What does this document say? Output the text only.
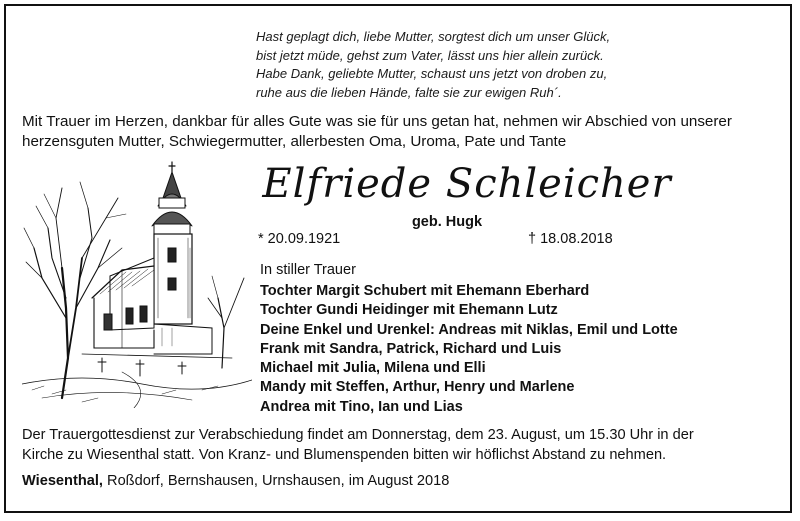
Hast geplagt dich, liebe Mutter, sorgtest dich um unser Glück,
bist jetzt müde, gehst zum Vater, lässt uns hier allein zurück.
Habe Dank, geliebte Mutter, schaust uns jetzt von droben zu,
ruhe aus die lieben Hände, falte sie zur ewigen Ruh´.
Mit Trauer im Herzen, dankbar für alles Gute was sie für uns getan hat, nehmen wir Abschied von unserer
herzensguten Mutter, Schwiegermutter, allerbesten Oma, Uroma, Pate und Tante
Elfriede Schleicher
geb. Hugk
* 20.09.1921	† 18.08.2018
In stiller Trauer
Tochter Margit Schubert mit Ehemann Eberhard
Tochter Gundi Heidinger mit Ehemann Lutz
Deine Enkel und Urenkel: Andreas mit Niklas, Emil und Lotte
Frank mit Sandra, Patrick, Richard und Luis
Michael mit Julia, Milena und Elli
Mandy mit Steffen, Arthur, Henry und Marlene
Andrea mit Tino, Ian und Lias
Der Trauergottesdienst zur Verabschiedung findet am Donnerstag, dem 23. August, um 15.30 Uhr in der
Kirche zu Wiesenthal statt. Von Kranz- und Blumenspenden bitten wir höflichst Abstand zu nehmen.
Wiesenthal, Roßdorf, Bernshausen, Urnshausen, im August 2018
